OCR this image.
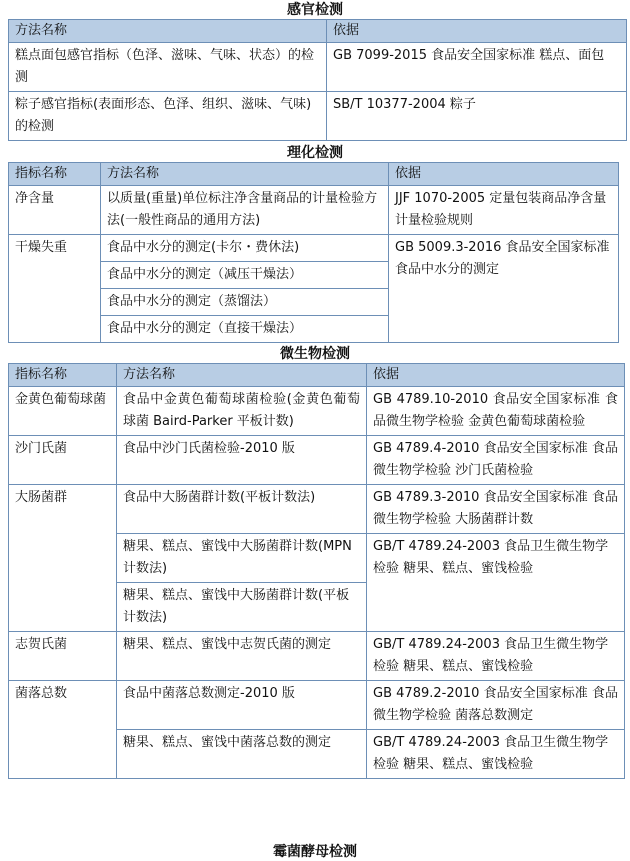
感官检测
方法名称	依据
糕点面包感官指标（色泽、滋味、气味、状态）的检测	GB 7099-2015 食品安全国家标准 糕点、面包
粽子感官指标(表面形态、色泽、组织、滋味、气味)的检测	SB/T 10377-2004 粽子
理化检测
指标名称	方法名称	依据
净含量	以质量(重量)单位标注净含量商品的计量检验方法(一般性商品的通用方法)	JJF 1070-2005 定量包装商品净含量计量检验规则
干燥失重	食品中水分的测定(卡尔・费休法)	GB 5009.3-2016 食品安全国家标准 食品中水分的测定
	食品中水分的测定（减压干燥法）	
	食品中水分的测定（蒸馏法）	
	食品中水分的测定（直接干燥法）	
微生物检测
指标名称	方法名称	依据
金黄色葡萄球菌	食品中金黄色葡萄球菌检验(金黄色葡萄球菌 Baird-Parker 平板计数)	GB 4789.10-2010 食品安全国家标准 食品微生物学检验 金黄色葡萄球菌检验
沙门氏菌	食品中沙门氏菌检验-2010 版	GB 4789.4-2010 食品安全国家标准 食品微生物学检验 沙门氏菌检验
大肠菌群	食品中大肠菌群计数(平板计数法)	GB 4789.3-2010 食品安全国家标准 食品微生物学检验 大肠菌群计数
	糖果、糕点、蜜饯中大肠菌群计数(MPN 计数法)	GB/T 4789.24-2003 食品卫生微生物学检验 糖果、糕点、蜜饯检验
	糖果、糕点、蜜饯中大肠菌群计数(平板计数法)	
志贺氏菌	糖果、糕点、蜜饯中志贺氏菌的测定	GB/T 4789.24-2003 食品卫生微生物学检验 糖果、糕点、蜜饯检验
菌落总数	食品中菌落总数测定-2010 版	GB 4789.2-2010 食品安全国家标准 食品微生物学检验 菌落总数测定
	糖果、糕点、蜜饯中菌落总数的测定	GB/T 4789.24-2003 食品卫生微生物学检验 糖果、糕点、蜜饯检验
霉菌酵母检测
